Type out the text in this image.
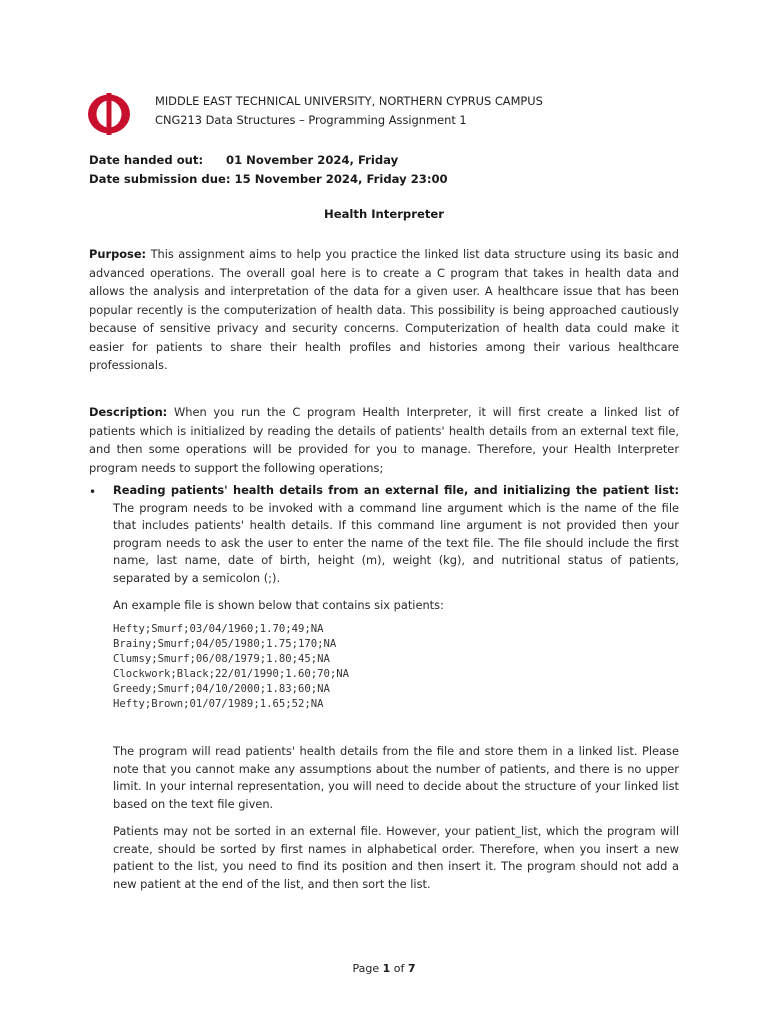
MIDDLE EAST TECHNICAL UNIVERSITY, NORTHERN CYPRUS CAMPUS
CNG213 Data Structures – Programming Assignment 1
Date handed out: 01 November 2024, Friday
Date submission due: 15 November 2024, Friday 23:00
Health Interpreter
Purpose: This assignment aims to help you practice the linked list data structure using its basic and advanced operations. The overall goal here is to create a C program that takes in health data and allows the analysis and interpretation of the data for a given user. A healthcare issue that has been popular recently is the computerization of health data. This possibility is being approached cautiously because of sensitive privacy and security concerns. Computerization of health data could make it easier for patients to share their health profiles and histories among their various healthcare professionals.
Description: When you run the C program Health Interpreter, it will first create a linked list of patients which is initialized by reading the details of patients' health details from an external text file, and then some operations will be provided for you to manage. Therefore, your Health Interpreter program needs to support the following operations;
• Reading patients' health details from an external file, and initializing the patient list: The program needs to be invoked with a command line argument which is the name of the file that includes patients' health details. If this command line argument is not provided then your program needs to ask the user to enter the name of the text file. The file should include the first name, last name, date of birth, height (m), weight (kg), and nutritional status of patients, separated by a semicolon (;).
An example file is shown below that contains six patients:
Hefty;Smurf;03/04/1960;1.70;49;NA
Brainy;Smurf;04/05/1980;1.75;170;NA
Clumsy;Smurf;06/08/1979;1.80;45;NA
Clockwork;Black;22/01/1990;1.60;70;NA
Greedy;Smurf;04/10/2000;1.83;60;NA
Hefty;Brown;01/07/1989;1.65;52;NA
The program will read patients' health details from the file and store them in a linked list. Please note that you cannot make any assumptions about the number of patients, and there is no upper limit. In your internal representation, you will need to decide about the structure of your linked list based on the text file given.
Patients may not be sorted in an external file. However, your patient_list, which the program will create, should be sorted by first names in alphabetical order. Therefore, when you insert a new patient to the list, you need to find its position and then insert it. The program should not add a new patient at the end of the list, and then sort the list.
Page 1 of 7
